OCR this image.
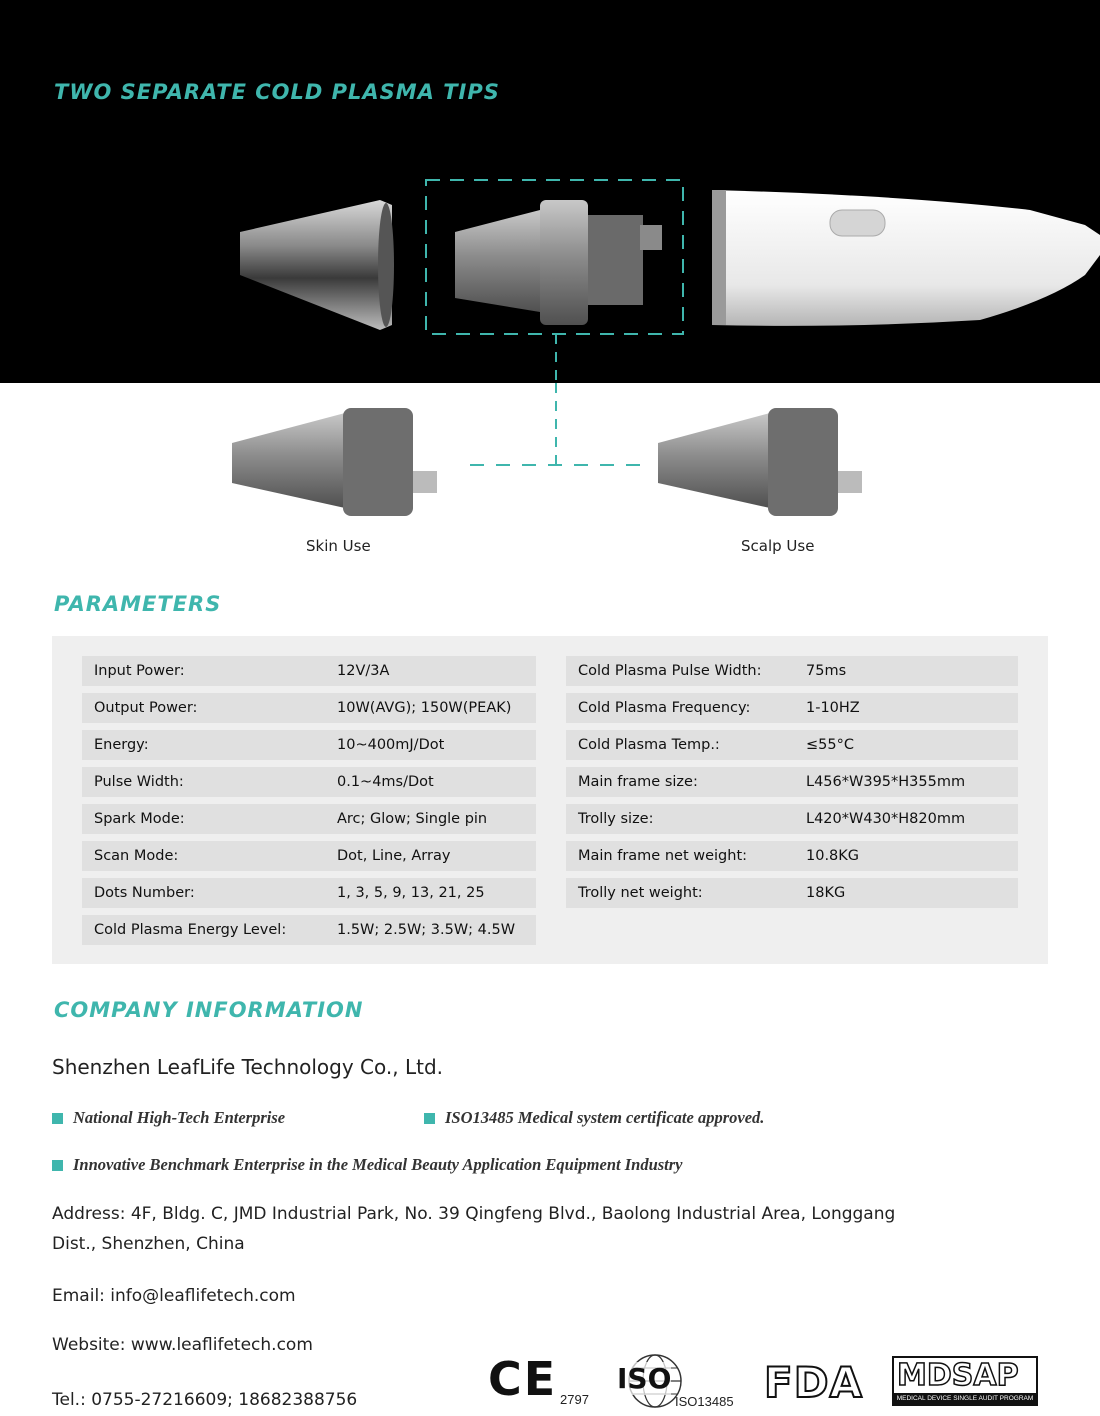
TWO SEPARATE COLD PLASMA TIPS
Skin Use	Scalp Use
PARAMETERS
Input Power:	12V/3A
Output Power:	10W(AVG); 150W(PEAK)
Energy:	10~400mJ/Dot
Pulse Width:	0.1~4ms/Dot
Spark Mode:	Arc; Glow; Single pin
Scan Mode:	Dot, Line, Array
Dots Number:	1, 3, 5, 9, 13, 21, 25
Cold Plasma Energy Level:	1.5W; 2.5W; 3.5W; 4.5W
Cold Plasma Pulse Width:	75ms
Cold Plasma Frequency:	1-10HZ
Cold Plasma Temp.:	≤55°C
Main frame size:	L456*W395*H355mm
Trolly size:	L420*W430*H820mm
Main frame net weight:	10.8KG
Trolly net weight:	18KG
COMPANY INFORMATION
Shenzhen LeafLife Technology Co., Ltd.
National High-Tech Enterprise	ISO13485 Medical system certificate approved.
Innovative Benchmark Enterprise in the Medical Beauty Application Equipment Industry
Address: 4F, Bldg. C, JMD Industrial Park, No. 39 Qingfeng Blvd., Baolong Industrial Area, Longgang
Dist., Shenzhen, China
Email: info@leaflifetech.com
Website: www.leaflifetech.com
Tel.: 0755-27216609; 18682388756	CE 2797
ISO
ISO13485 FDA MDSAP
MEDICAL DEVICE SINGLE AUDIT PROGRAM
